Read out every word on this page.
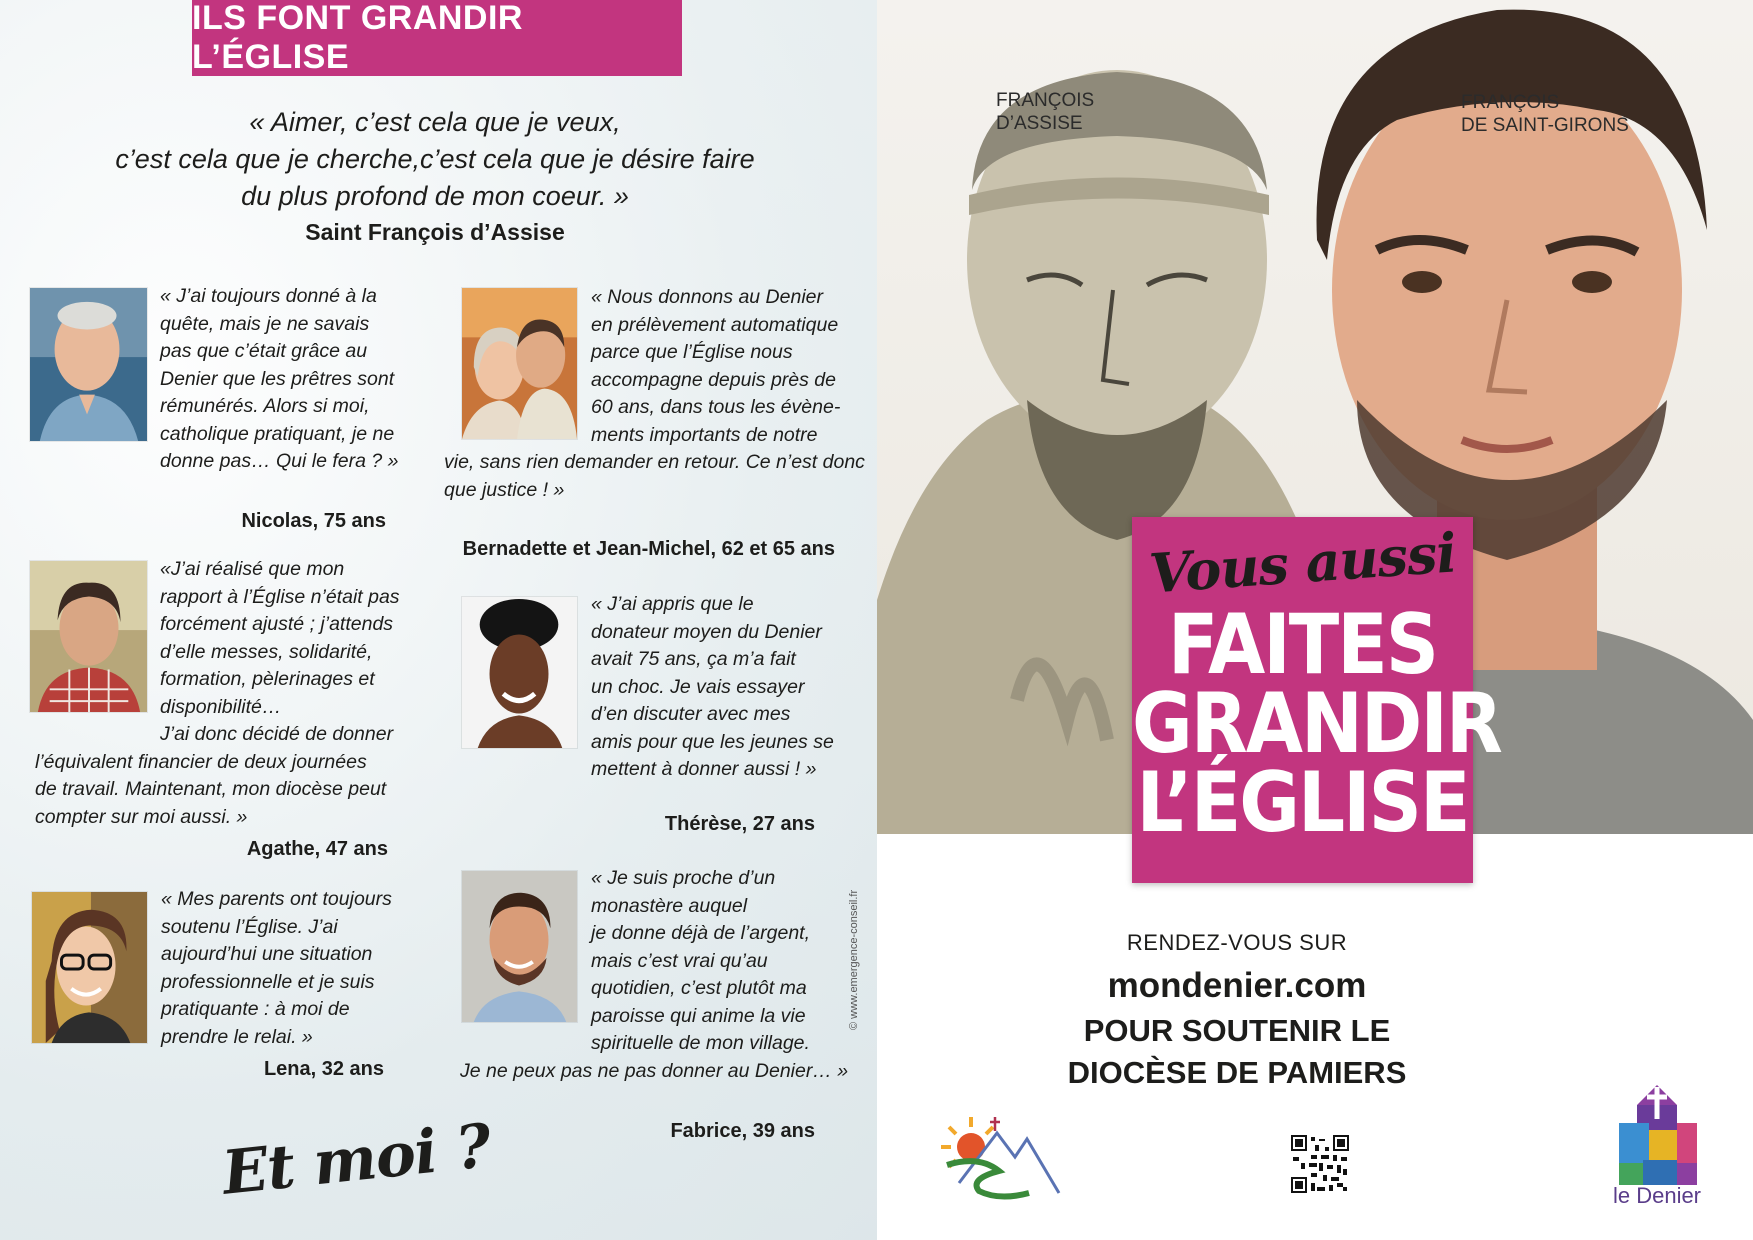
ILS FONT GRANDIR L’ÉGLISE

« Aimer, c’est cela que je veux,

c’est cela que je cherche,c’est cela que je désire faire

du plus profond de mon coeur. »

Saint François d’Assise

« J’ai toujours donné à la

quête, mais je ne savais

pas que c’était grâce au

Denier que les prêtres sont

rémunérés. Alors si moi,

catholique pratiquant, je ne

donne pas… Qui le fera ? »

Nicolas, 75 ans

«J’ai réalisé que mon

rapport à l’Église n’était pas

forcément ajusté ; j’attends

d’elle messes, solidarité,

formation, pèlerinages et

disponibilité…

J’ai donc décidé de donner

l’équivalent financier de deux journées

de travail. Maintenant, mon diocèse peut

compter sur moi aussi. »

Agathe, 47 ans

« Mes parents ont toujours

soutenu l’Église. J’ai

aujourd’hui une situation

professionnelle et je suis

pratiquante : à moi de

prendre le relai. »

Lena, 32 ans

« Nous donnons au Denier

en prélèvement automatique

parce que l’Église nous

accompagne depuis près de

60 ans, dans tous les évène-

ments importants de notre

vie, sans rien demander en retour. Ce n’est donc

que justice ! »

Bernadette et Jean-Michel, 62 et 65 ans

« J’ai appris que le

donateur moyen du Denier

avait 75 ans, ça m’a fait

un choc. Je vais essayer

d’en discuter avec mes

amis pour que les jeunes se

mettent à donner aussi ! »

Thérèse, 27 ans

« Je suis proche d’un

monastère auquel

je donne déjà de l’argent,

mais c’est vrai qu’au

quotidien, c’est plutôt ma

paroisse qui anime la vie

spirituelle de mon village.

Je ne peux pas ne pas donner au Denier… »

Fabrice, 39 ans
Et moi ?
© www.emergence-conseil.fr

FRANÇOIS

D’ASSISE

FRANÇOIS

DE SAINT-GIRONS

Vous aussi
FAITES
GRANDIR
L’ÉGLISE
RENDEZ-VOUS SUR
mondenier.com

POUR SOUTENIR LE

DIOCÈSE DE PAMIERS

le Denier
